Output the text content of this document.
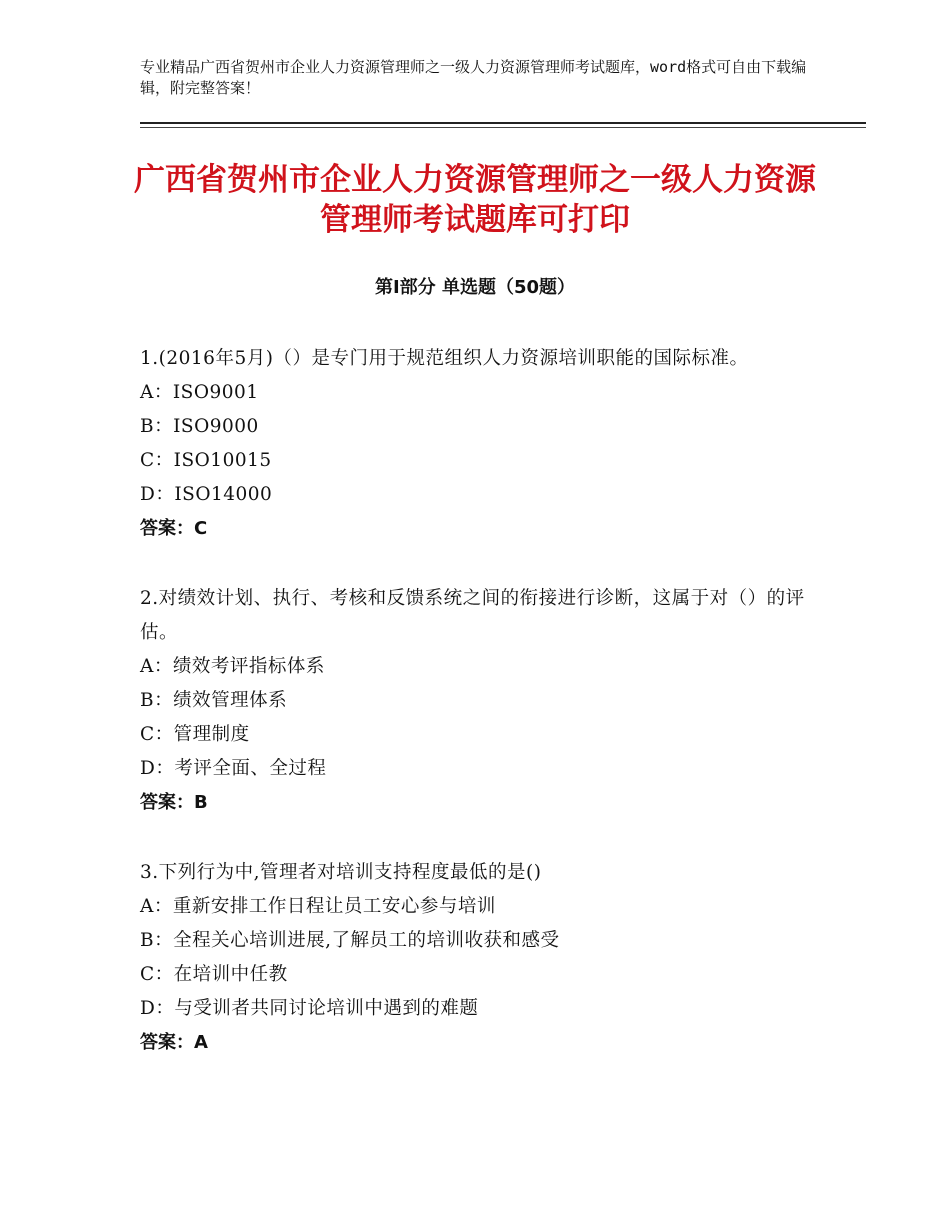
专业精品广西省贺州市企业人力资源管理师之一级人力资源管理师考试题库，word格式可自由下载编辑，附完整答案！
广西省贺州市企业人力资源管理师之一级人力资源管理师考试题库可打印
第Ⅰ部分 单选题（50题）
1.(2016年5月)（）是专门用于规范组织人力资源培训职能的国际标准。
A：ISO9001
B：ISO9000
C：ISO10015
D：ISO14000
答案：C
2.对绩效计划、执行、考核和反馈系统之间的衔接进行诊断，这属于对（）的评估。
A：绩效考评指标体系
B：绩效管理体系
C：管理制度
D：考评全面、全过程
答案：B
3.下列行为中,管理者对培训支持程度最低的是()
A：重新安排工作日程让员工安心参与培训
B：全程关心培训进展,了解员工的培训收获和感受
C：在培训中任教
D：与受训者共同讨论培训中遇到的难题
答案：A
